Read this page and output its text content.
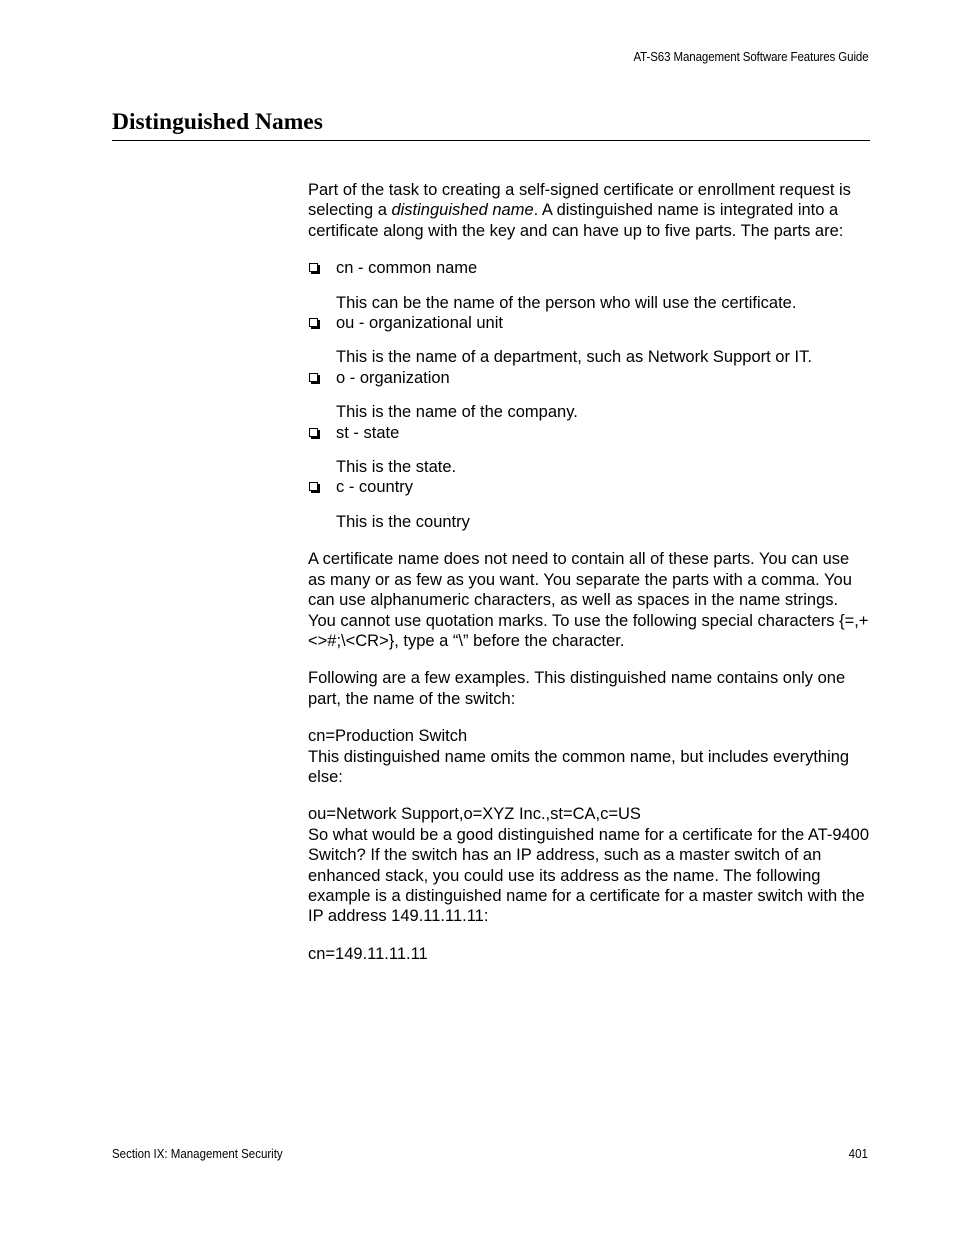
AT-S63 Management Software Features Guide
Distinguished Names

Part of the task to creating a self-signed certificate or enrollment request is selecting a distinguished name. A distinguished name is integrated into a certificate along with the key and can have up to five parts. The parts are:

cn - common name

This can be the name of the person who will use the certificate.

ou - organizational unit

This is the name of a department, such as Network Support or IT.

o - organization

This is the name of the company.

st - state

This is the state.

c - country

This is the country

A certificate name does not need to contain all of these parts. You can use as many or as few as you want. You separate the parts with a comma. You can use alphanumeric characters, as well as spaces in the name strings. You cannot use quotation marks. To use the following special characters {=,+<>#;\<CR>}, type a “\” before the character.

Following are a few examples. This distinguished name contains only one part, the name of the switch:

cn=Production Switch

This distinguished name omits the common name, but includes everything else:

ou=Network Support,o=XYZ Inc.,st=CA,c=US

So what would be a good distinguished name for a certificate for the AT-9400 Switch? If the switch has an IP address, such as a master switch of an enhanced stack, you could use its address as the name. The following example is a distinguished name for a certificate for a master switch with the IP address 149.11.11.11:

cn=149.11.11.11

Section IX: Management Security	401
